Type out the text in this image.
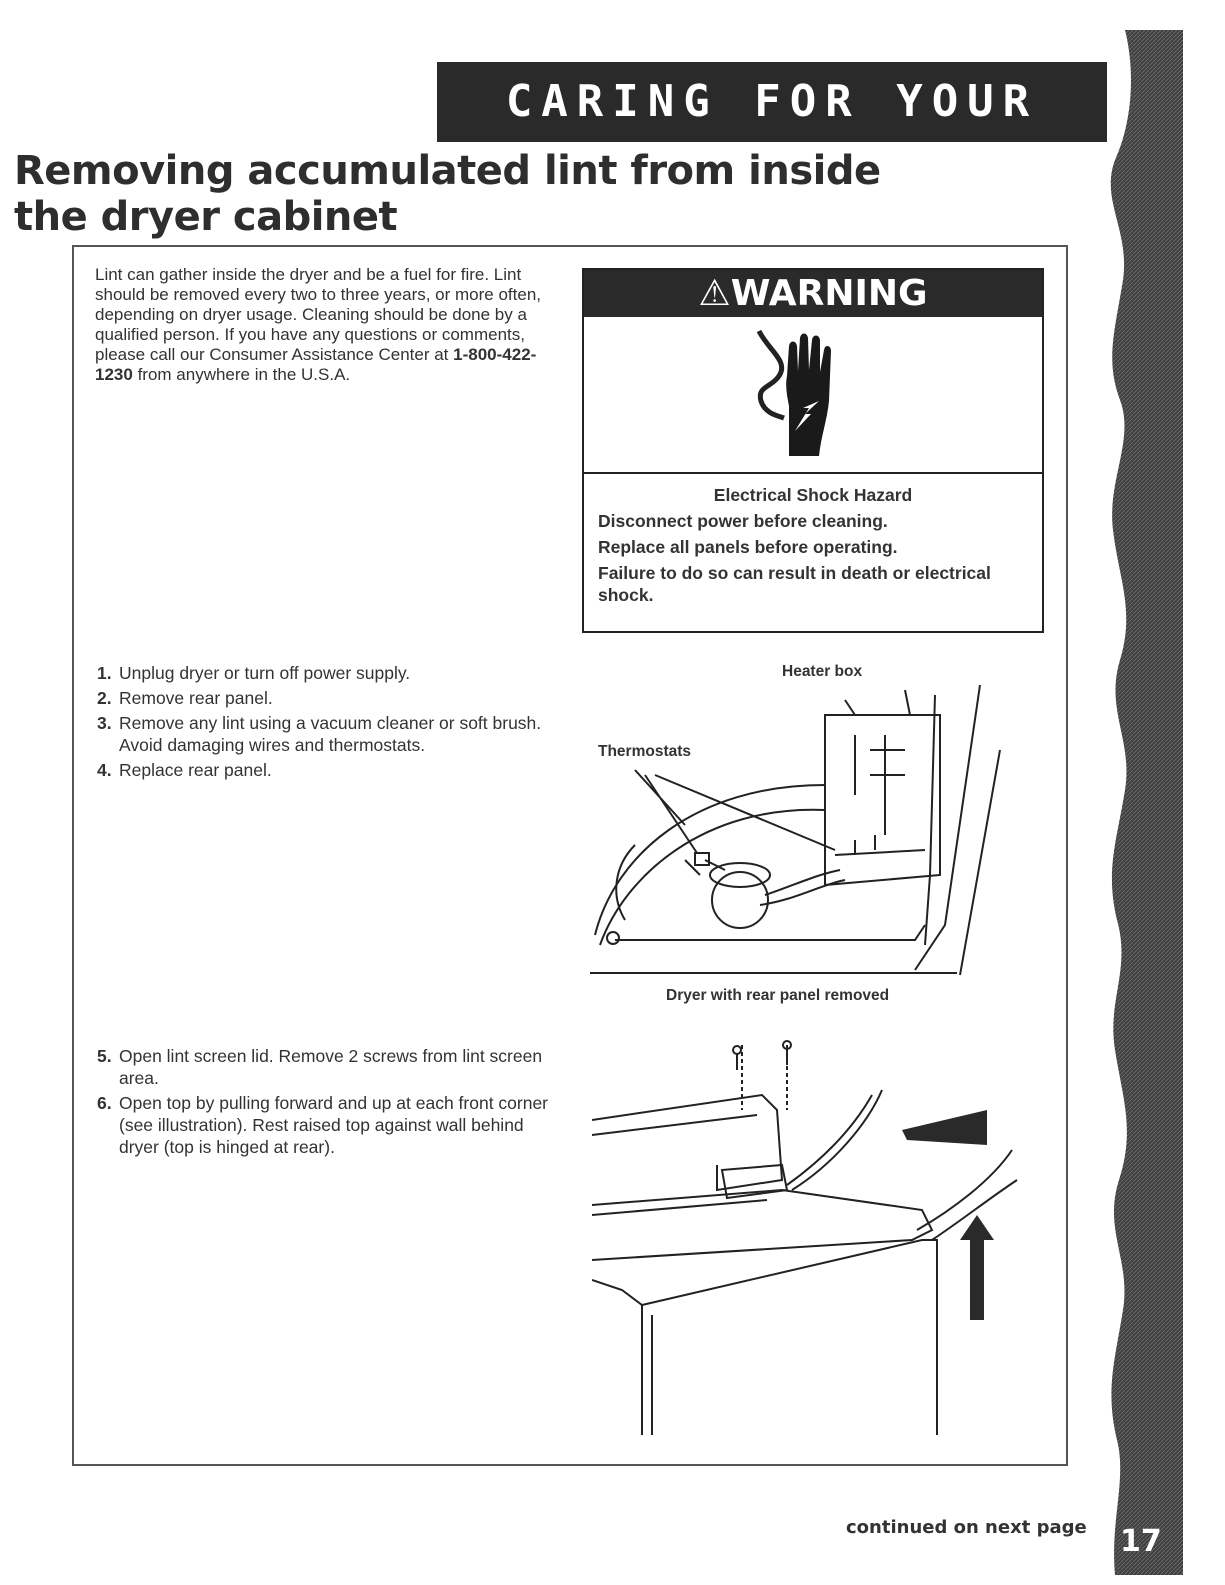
CARING FOR YOUR
Removing accumulated lint from inside
the dryer cabinet

Lint can gather inside the dryer and be a fuel for fire. Lint should be removed every two to three years, or more often, depending on dryer usage. Cleaning should be done by a qualified person. If you have any questions or comments, please call our Consumer Assistance Center at 1-800-422-1230 from anywhere in the U.S.A.

⚠WARNING
Electrical Shock Hazard
Disconnect power before cleaning.
Replace all panels before operating.
Failure to do so can result in death or electrical shock.
1. Unplug dryer or turn off power supply.
2. Remove rear panel.
3. Remove any lint using a vacuum cleaner or soft brush. Avoid damaging wires and thermostats.
4. Replace rear panel.
Heater box
Thermostats
Dryer with rear panel removed
5. Open lint screen lid. Remove 2 screws from lint screen area.
6. Open top by pulling forward and up at each front corner (see illustration). Rest raised top against wall behind dryer (top is hinged at rear).
continued on next page 17
